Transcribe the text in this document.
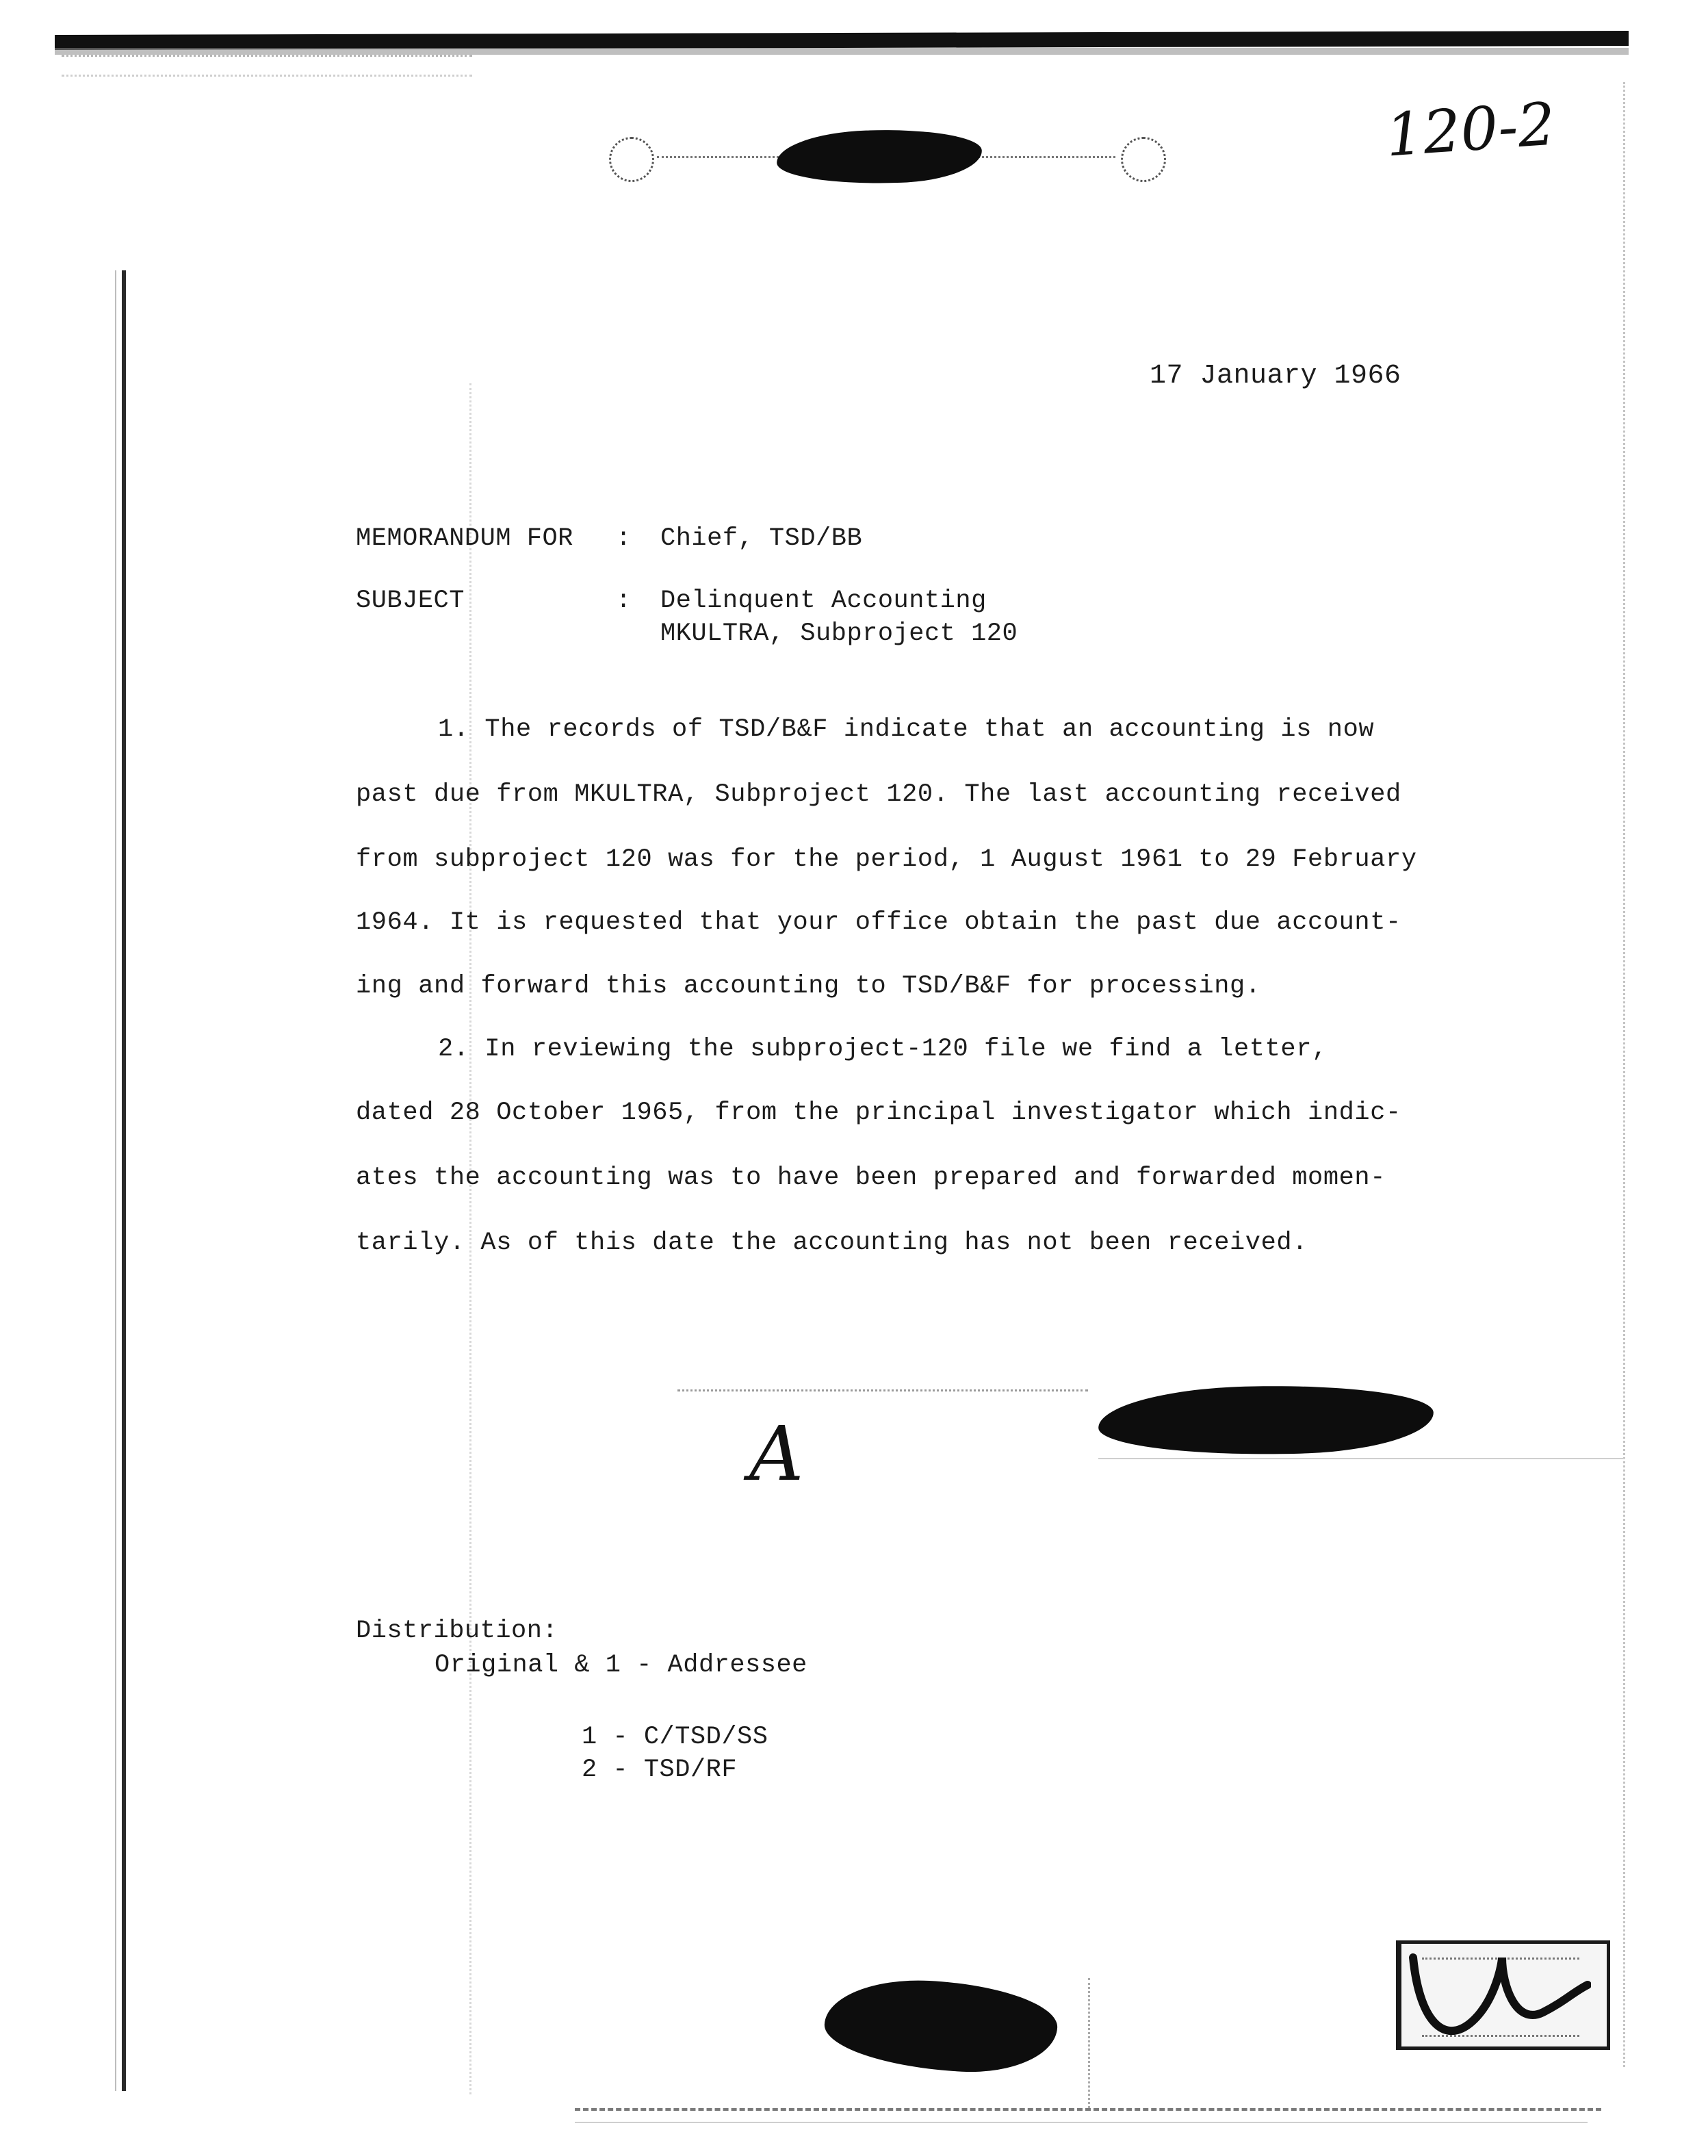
120-2
17 January 1966
MEMORANDUM FOR : Chief, TSD/BB
SUBJECT	: Delinquent Accounting
MKULTRA, Subproject 120
1. The records of TSD/B&F indicate that an accounting is now
past due from MKULTRA, Subproject 120. The last accounting received
from subproject 120 was for the period, 1 August 1961 to 29 February
1964. It is requested that your office obtain the past due account-
ing and forward this accounting to TSD/B&F for processing.
2. In reviewing the subproject-120 file we find a letter,
dated 28 October 1965, from the principal investigator which indic-
ates the accounting was to have been prepared and forwarded momen-
tarily. As of this date the accounting has not been received.
A
Distribution:
Original & 1 - Addressee
1 - C/TSD/SS
2 - TSD/RF
